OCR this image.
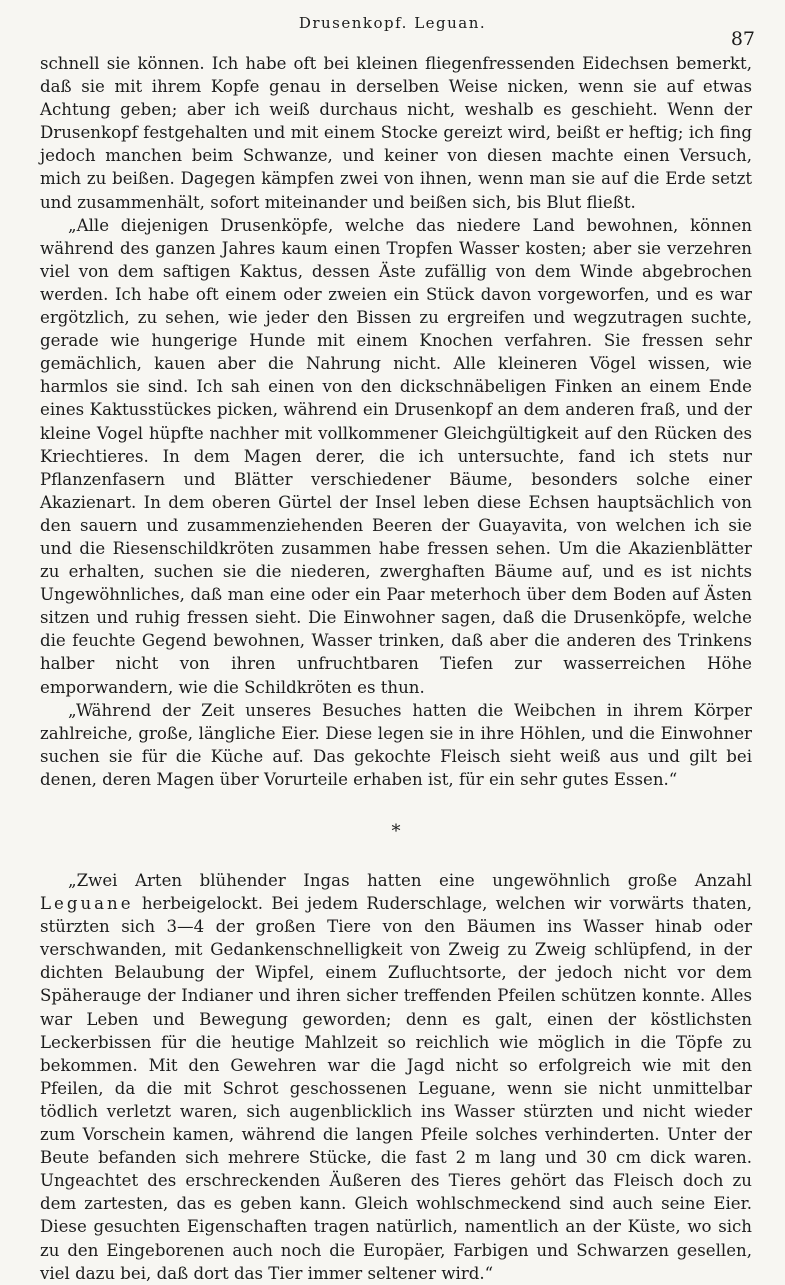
Drusenkopf. Leguan.
87

schnell sie können. Ich habe oft bei kleinen fliegenfressenden Eidechsen bemerkt, daß sie mit ihrem Kopfe genau in derselben Weise nicken, wenn sie auf etwas Achtung geben; aber ich weiß durchaus nicht, weshalb es geschieht. Wenn der Drusenkopf festgehalten und mit einem Stocke gereizt wird, beißt er heftig; ich fing jedoch manchen beim Schwanze, und keiner von diesen machte einen Versuch, mich zu beißen. Dagegen kämpfen zwei von ihnen, wenn man sie auf die Erde setzt und zusammenhält, sofort miteinander und beißen sich, bis Blut fließt.

„Alle diejenigen Drusenköpfe, welche das niedere Land bewohnen, können während des ganzen Jahres kaum einen Tropfen Wasser kosten; aber sie verzehren viel von dem saftigen Kaktus, dessen Äste zufällig von dem Winde abgebrochen werden. Ich habe oft einem oder zweien ein Stück davon vorgeworfen, und es war ergötzlich, zu sehen, wie jeder den Bissen zu ergreifen und wegzutragen suchte, gerade wie hungerige Hunde mit einem Knochen verfahren. Sie fressen sehr gemächlich, kauen aber die Nahrung nicht. Alle kleineren Vögel wissen, wie harmlos sie sind. Ich sah einen von den dickschnäbeligen Finken an einem Ende eines Kaktusstückes picken, während ein Drusenkopf an dem anderen fraß, und der kleine Vogel hüpfte nachher mit vollkommener Gleichgültigkeit auf den Rücken des Kriechtieres. In dem Magen derer, die ich untersuchte, fand ich stets nur Pflanzenfasern und Blätter verschiedener Bäume, besonders solche einer Akazienart. In dem oberen Gürtel der Insel leben diese Echsen hauptsächlich von den sauern und zusammenziehenden Beeren der Guayavita, von welchen ich sie und die Riesenschildkröten zusammen habe fressen sehen. Um die Akazienblätter zu erhalten, suchen sie die niederen, zwerghaften Bäume auf, und es ist nichts Ungewöhnliches, daß man eine oder ein Paar meterhoch über dem Boden auf Ästen sitzen und ruhig fressen sieht. Die Einwohner sagen, daß die Drusenköpfe, welche die feuchte Gegend bewohnen, Wasser trinken, daß aber die anderen des Trinkens halber nicht von ihren unfruchtbaren Tiefen zur wasserreichen Höhe emporwandern, wie die Schildkröten es thun.

„Während der Zeit unseres Besuches hatten die Weibchen in ihrem Körper zahlreiche, große, längliche Eier. Diese legen sie in ihre Höhlen, und die Einwohner suchen sie für die Küche auf. Das gekochte Fleisch sieht weiß aus und gilt bei denen, deren Magen über Vorurteile erhaben ist, für ein sehr gutes Essen.“

*

„Zwei Arten blühender Ingas hatten eine ungewöhnlich große Anzahl Leguane herbeigelockt. Bei jedem Ruderschlage, welchen wir vorwärts thaten, stürzten sich 3—4 der großen Tiere von den Bäumen ins Wasser hinab oder verschwanden, mit Gedankenschnelligkeit von Zweig zu Zweig schlüpfend, in der dichten Belaubung der Wipfel, einem Zufluchtsorte, der jedoch nicht vor dem Späherauge der Indianer und ihren sicher treffenden Pfeilen schützen konnte. Alles war Leben und Bewegung geworden; denn es galt, einen der köstlichsten Leckerbissen für die heutige Mahlzeit so reichlich wie möglich in die Töpfe zu bekommen. Mit den Gewehren war die Jagd nicht so erfolgreich wie mit den Pfeilen, da die mit Schrot geschossenen Leguane, wenn sie nicht unmittelbar tödlich verletzt waren, sich augenblicklich ins Wasser stürzten und nicht wieder zum Vorschein kamen, während die langen Pfeile solches verhinderten. Unter der Beute befanden sich mehrere Stücke, die fast 2 m lang und 30 cm dick waren. Ungeachtet des erschreckenden Äußeren des Tieres gehört das Fleisch doch zu dem zartesten, das es geben kann. Gleich wohlschmeckend sind auch seine Eier. Diese gesuchten Eigenschaften tragen natürlich, namentlich an der Küste, wo sich zu den Eingeborenen auch noch die Europäer, Farbigen und Schwarzen gesellen, viel dazu bei, daß dort das Tier immer seltener wird.“
